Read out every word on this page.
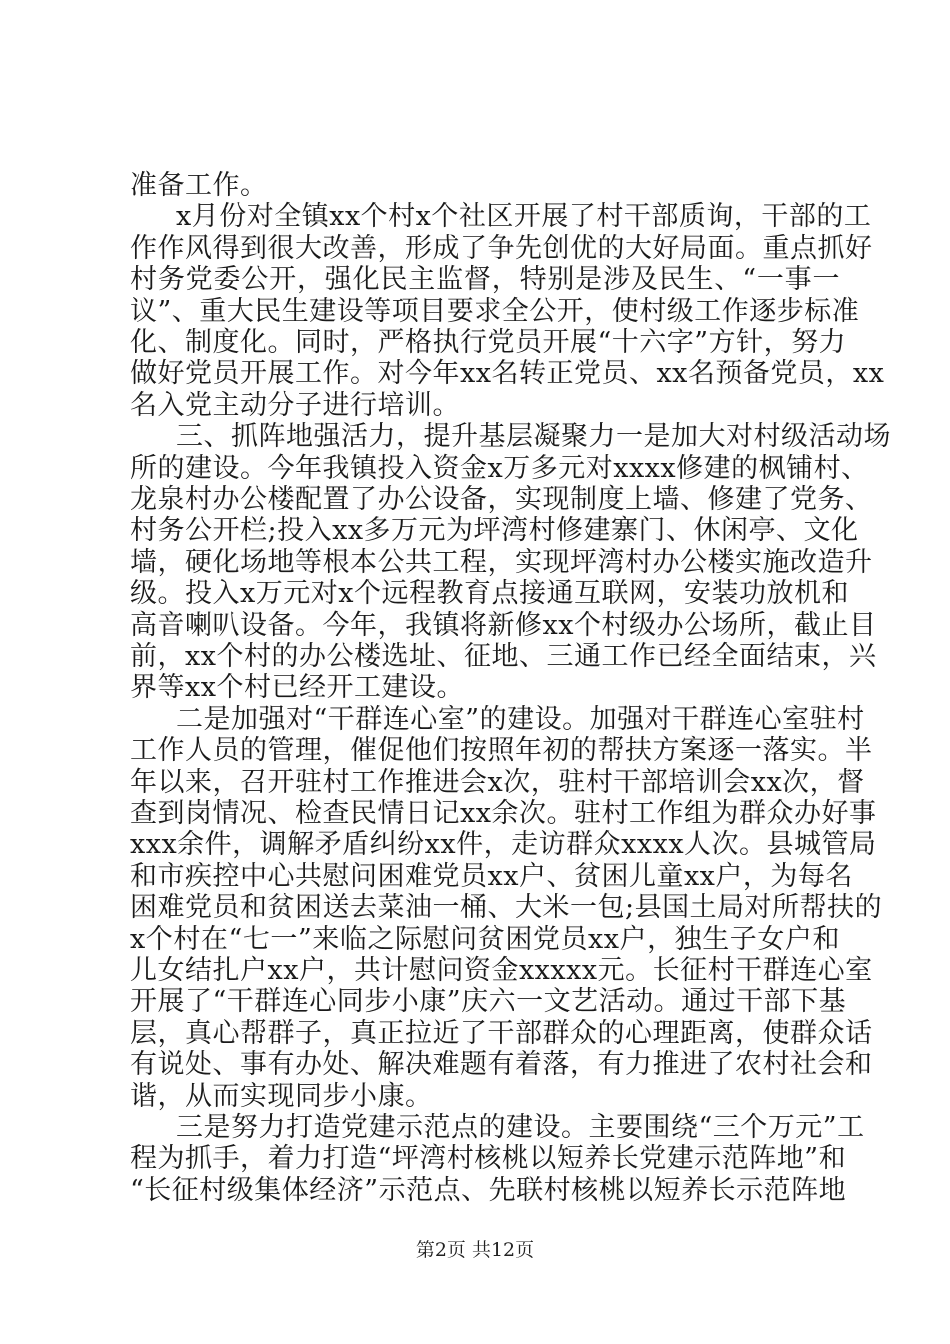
准备工作。
x月份对全镇xx个村x个社区开展了村干部质询，干部的工
作作风得到很大改善，形成了争先创优的大好局面。重点抓好
村务党委公开，强化民主监督，特别是涉及民生、“一事一
议”、重大民生建设等项目要求全公开，使村级工作逐步标准
化、制度化。同时，严格执行党员开展“十六字”方针，努力
做好党员开展工作。对今年xx名转正党员、xx名预备党员，xx
名入党主动分子进行培训。
三、抓阵地强活力，提升基层凝聚力一是加大对村级活动场
所的建设。今年我镇投入资金x万多元对xxxx修建的枫铺村、
龙泉村办公楼配置了办公设备，实现制度上墙、修建了党务、
村务公开栏;投入xx多万元为坪湾村修建寨门、休闲亭、文化
墙，硬化场地等根本公共工程，实现坪湾村办公楼实施改造升
级。投入x万元对x个远程教育点接通互联网，安装功放机和
高音喇叭设备。今年，我镇将新修xx个村级办公场所，截止目
前，xx个村的办公楼选址、征地、三通工作已经全面结束，兴
界等xx个村已经开工建设。
二是加强对“干群连心室”的建设。加强对干群连心室驻村
工作人员的管理，催促他们按照年初的帮扶方案逐一落实。半
年以来，召开驻村工作推进会x次，驻村干部培训会xx次，督
查到岗情况、检查民情日记xx余次。驻村工作组为群众办好事
xxx余件，调解矛盾纠纷xx件，走访群众xxxx人次。县城管局
和市疾控中心共慰问困难党员xx户、贫困儿童xx户，为每名
困难党员和贫困送去菜油一桶、大米一包;县国土局对所帮扶的
x个村在“七一”来临之际慰问贫困党员xx户，独生子女户和
儿女结扎户xx户，共计慰问资金xxxxx元。长征村干群连心室
开展了“干群连心同步小康”庆六一文艺活动。通过干部下基
层，真心帮群子，真正拉近了干部群众的心理距离，使群众话
有说处、事有办处、解决难题有着落，有力推进了农村社会和
谐，从而实现同步小康。
三是努力打造党建示范点的建设。主要围绕“三个万元”工
程为抓手，着力打造“坪湾村核桃以短养长党建示范阵地”和
“长征村级集体经济”示范点、先联村核桃以短养长示范阵地
第2页 共12页
